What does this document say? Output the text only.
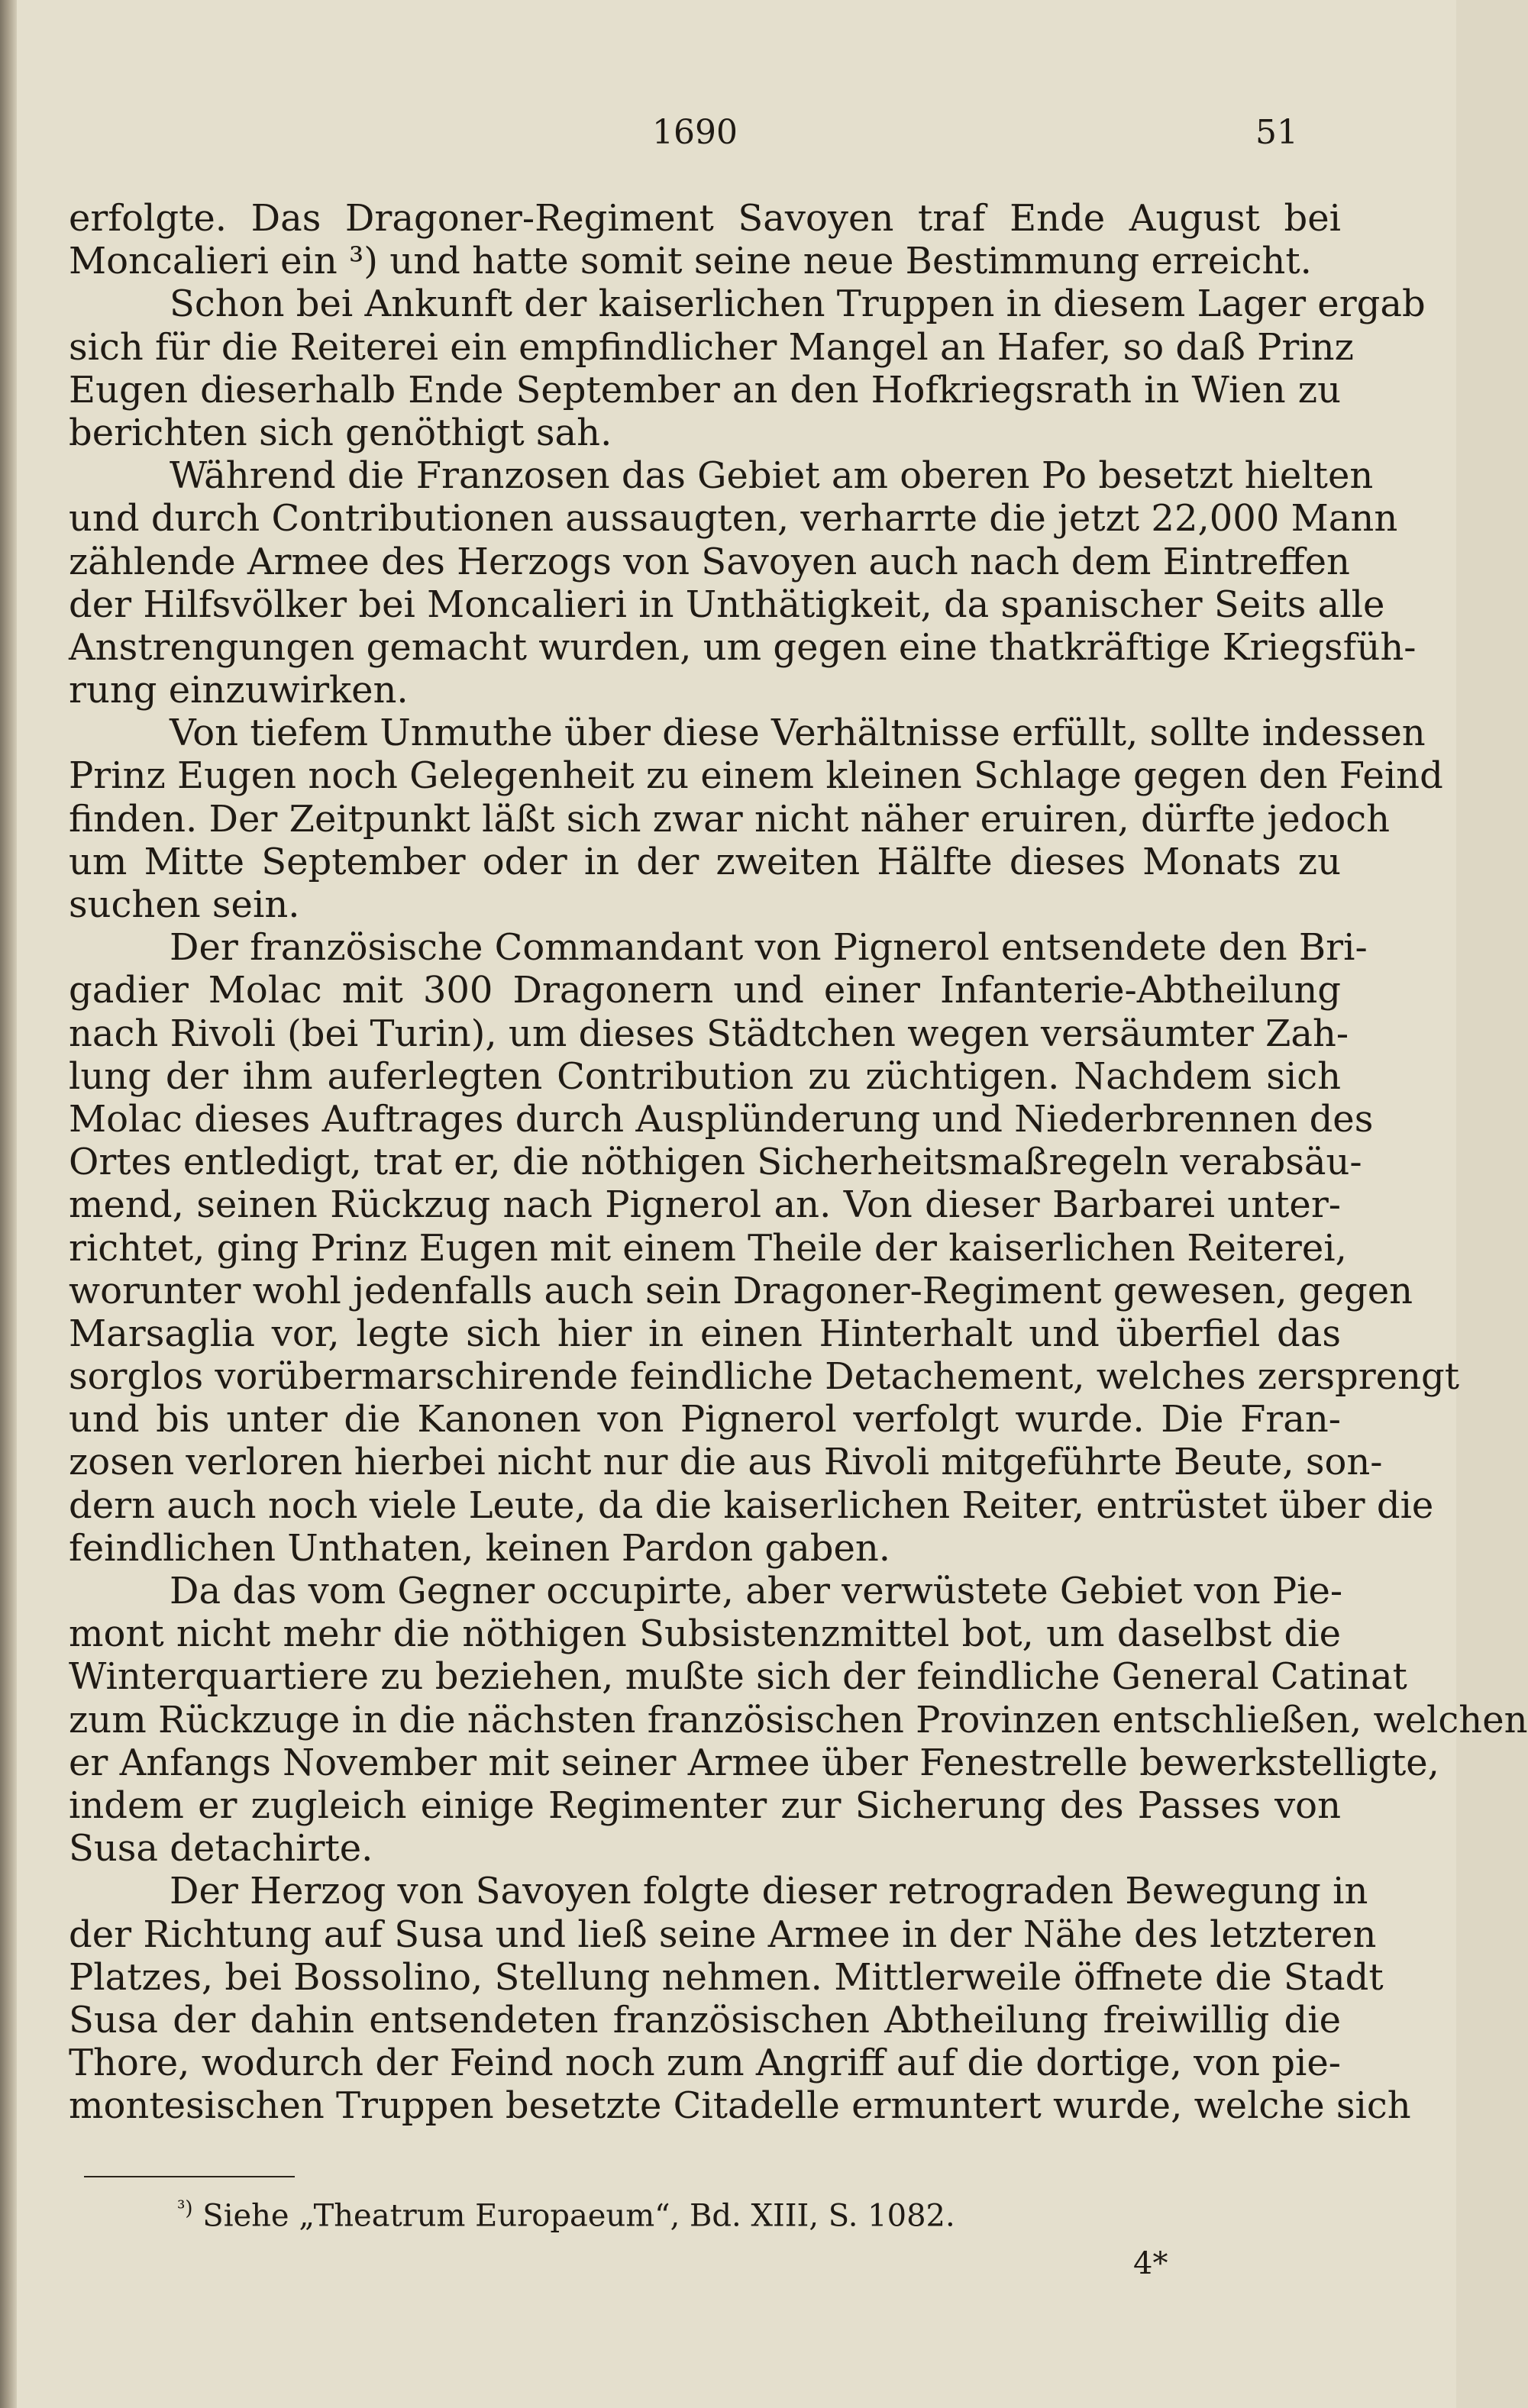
1690	51
erfolgte. Das Dragoner-Regiment Savoyen traf Ende August bei
Moncalieri ein ³) und hatte somit seine neue Bestimmung erreicht.
Schon bei Ankunft der kaiserlichen Truppen in diesem Lager ergab
sich für die Reiterei ein empfindlicher Mangel an Hafer, so daß Prinz
Eugen dieserhalb Ende September an den Hofkriegsrath in Wien zu
berichten sich genöthigt sah.
Während die Franzosen das Gebiet am oberen Po besetzt hielten
und durch Contributionen aussaugten, verharrte die jetzt 22,000 Mann
zählende Armee des Herzogs von Savoyen auch nach dem Eintreffen
der Hilfsvölker bei Moncalieri in Unthätigkeit, da spanischer Seits alle
Anstrengungen gemacht wurden, um gegen eine thatkräftige Kriegsfüh-
rung einzuwirken.
Von tiefem Unmuthe über diese Verhältnisse erfüllt, sollte indessen
Prinz Eugen noch Gelegenheit zu einem kleinen Schlage gegen den Feind
finden. Der Zeitpunkt läßt sich zwar nicht näher eruiren, dürfte jedoch
um Mitte September oder in der zweiten Hälfte dieses Monats zu
suchen sein.
Der französische Commandant von Pignerol entsendete den Bri-
gadier Molac mit 300 Dragonern und einer Infanterie-Abtheilung
nach Rivoli (bei Turin), um dieses Städtchen wegen versäumter Zah-
lung der ihm auferlegten Contribution zu züchtigen. Nachdem sich
Molac dieses Auftrages durch Ausplünderung und Niederbrennen des
Ortes entledigt, trat er, die nöthigen Sicherheitsmaßregeln verabsäu-
mend, seinen Rückzug nach Pignerol an. Von dieser Barbarei unter-
richtet, ging Prinz Eugen mit einem Theile der kaiserlichen Reiterei,
worunter wohl jedenfalls auch sein Dragoner-Regiment gewesen, gegen
Marsaglia vor, legte sich hier in einen Hinterhalt und überfiel das
sorglos vorübermarschirende feindliche Detachement, welches zersprengt
und bis unter die Kanonen von Pignerol verfolgt wurde. Die Fran-
zosen verloren hierbei nicht nur die aus Rivoli mitgeführte Beute, son-
dern auch noch viele Leute, da die kaiserlichen Reiter, entrüstet über die
feindlichen Unthaten, keinen Pardon gaben.
Da das vom Gegner occupirte, aber verwüstete Gebiet von Pie-
mont nicht mehr die nöthigen Subsistenzmittel bot, um daselbst die
Winterquartiere zu beziehen, mußte sich der feindliche General Catinat
zum Rückzuge in die nächsten französischen Provinzen entschließen, welchen
er Anfangs November mit seiner Armee über Fenestrelle bewerkstelligte,
indem er zugleich einige Regimenter zur Sicherung des Passes von
Susa detachirte.
Der Herzog von Savoyen folgte dieser retrograden Bewegung in
der Richtung auf Susa und ließ seine Armee in der Nähe des letzteren
Platzes, bei Bossolino, Stellung nehmen. Mittlerweile öffnete die Stadt
Susa der dahin entsendeten französischen Abtheilung freiwillig die
Thore, wodurch der Feind noch zum Angriff auf die dortige, von pie-
montesischen Truppen besetzte Citadelle ermuntert wurde, welche sich
$^{^3)}$ Siehe „Theatrum Europaeum“, Bd. XIII, S. 1082.
4*
